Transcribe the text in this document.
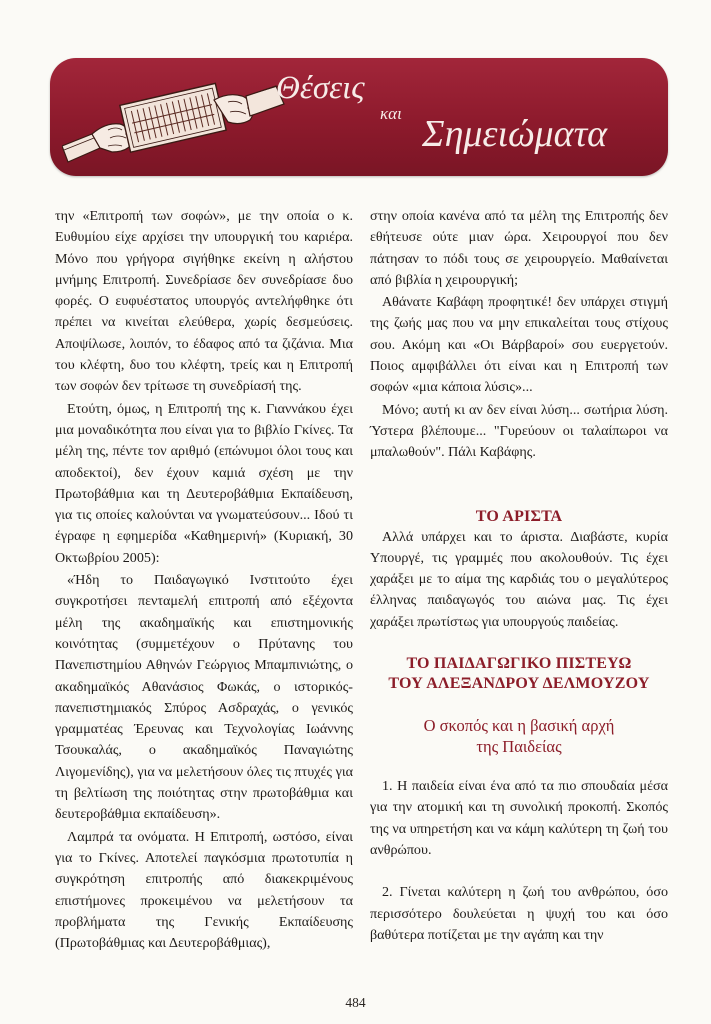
Θέσεις
και Σημειώματα

την «Επιτροπή των σοφών», με την οποία ο κ. Ευθυμίου είχε αρχίσει την υπουργική του καριέρα. Μόνο που γρήγορα σιγήθηκε εκείνη η αλήστου μνήμης Επιτροπή. Συνεδρίασε δεν συνεδρίασε δυο φορές. Ο ευφυέστατος υπουργός αντελήφθηκε ότι πρέπει να κινείται ελεύθερα, χωρίς δεσμεύσεις. Αποψίλωσε, λοιπόν, το έδαφος από τα ζιζάνια. Μια του κλέφτη, δυο του κλέφτη, τρείς και η Επιτροπή των σοφών δεν τρίτωσε τη συνεδρίασή της.

Ετούτη, όμως, η Επιτροπή της κ. Γιαννάκου έχει μια μοναδικότητα που είναι για το βιβλίο Γκίνες. Τα μέλη της, πέντε τον αριθμό (επώνυμοι όλοι τους και αποδεκτοί), δεν έχουν καμιά σχέση με την Πρωτοβάθμια και τη Δευτεροβάθμια Εκπαίδευση, για τις οποίες καλούνται να γνωματεύσουν... Ιδού τι έγραφε η εφημερίδα «Καθημερινή» (Κυριακή, 30 Οκτωβρίου 2005):

«Ήδη το Παιδαγωγικό Ινστιτούτο έχει συγκροτήσει πενταμελή επιτροπή από εξέχοντα μέλη της ακαδημαϊκής και επιστημονικής κοινότητας (συμμετέχουν ο Πρύτανης του Πανεπιστημίου Αθηνών Γεώργιος Μπαμπινιώτης, ο ακαδημαϊκός Αθανάσιος Φωκάς, ο ιστορικός-πανεπιστημιακός Σπύρος Ασδραχάς, ο γενικός γραμματέας Έρευνας και Τεχνολογίας Ιωάννης Τσουκαλάς, ο ακαδημαϊκός Παναγιώτης Λιγομενίδης), για να μελετήσουν όλες τις πτυχές για τη βελτίωση της ποιότητας στην πρωτοβάθμια και δευτεροβάθμια εκπαίδευση».

Λαμπρά τα ονόματα. Η Επιτροπή, ωστόσο, είναι για το Γκίνες. Αποτελεί παγκόσμια πρωτοτυπία η συγκρότηση επιτροπής από διακεκριμένους επιστήμονες προκειμένου να μελετήσουν τα προβλήματα της Γενικής Εκπαίδευσης (Πρωτοβάθμιας και Δευτεροβάθμιας),

στην οποία κανένα από τα μέλη της Επιτροπής δεν εθήτευσε ούτε μιαν ώρα. Χειρουργοί που δεν πάτησαν το πόδι τους σε χειρουργείο. Μαθαίνεται από βιβλία η χειρουργική;

Αθάνατε Καβάφη προφητικέ! δεν υπάρχει στιγμή της ζωής μας που να μην επικαλείται τους στίχους σου. Ακόμη και «Οι Βάρβαροί» σου ευεργετούν. Ποιος αμφιβάλλει ότι είναι και η Επιτροπή των σοφών «μια κάποια λύσις»...

Μόνο; αυτή κι αν δεν είναι λύση... σωτήρια λύση. Ύστερα βλέπουμε... "Γυρεύουν οι ταλαίπωροι να μπαλωθούν". Πάλι Καβάφης.

ΤΟ ΑΡΙΣΤΑ

Αλλά υπάρχει και το άριστα. Διαβάστε, κυρία Υπουργέ, τις γραμμές που ακολουθούν. Τις έχει χαράξει με το αίμα της καρδιάς του ο μεγαλύτερος έλληνας παιδαγωγός του αιώνα μας. Τις έχει χαράξει πρωτίστως για υπουργούς παιδείας.

ΤΟ ΠΑΙΔΑΓΩΓΙΚΟ ΠΙΣΤΕΥΩ
ΤΟΥ ΑΛΕΞΑΝΔΡΟΥ ΔΕΛΜΟΥΖΟΥ
Ο σκοπός και η βασική αρχή
της Παιδείας

1. Η παιδεία είναι ένα από τα πιο σπουδαία μέσα για την ατομική και τη συνολική προκοπή. Σκοπός της να υπηρετήση και να κάμη καλύτερη τη ζωή του ανθρώπου.

2. Γίνεται καλύτερη η ζωή του ανθρώπου, όσο περισσότερο δουλεύεται η ψυχή του και όσο βαθύτερα ποτίζεται με την αγάπη και την

484
